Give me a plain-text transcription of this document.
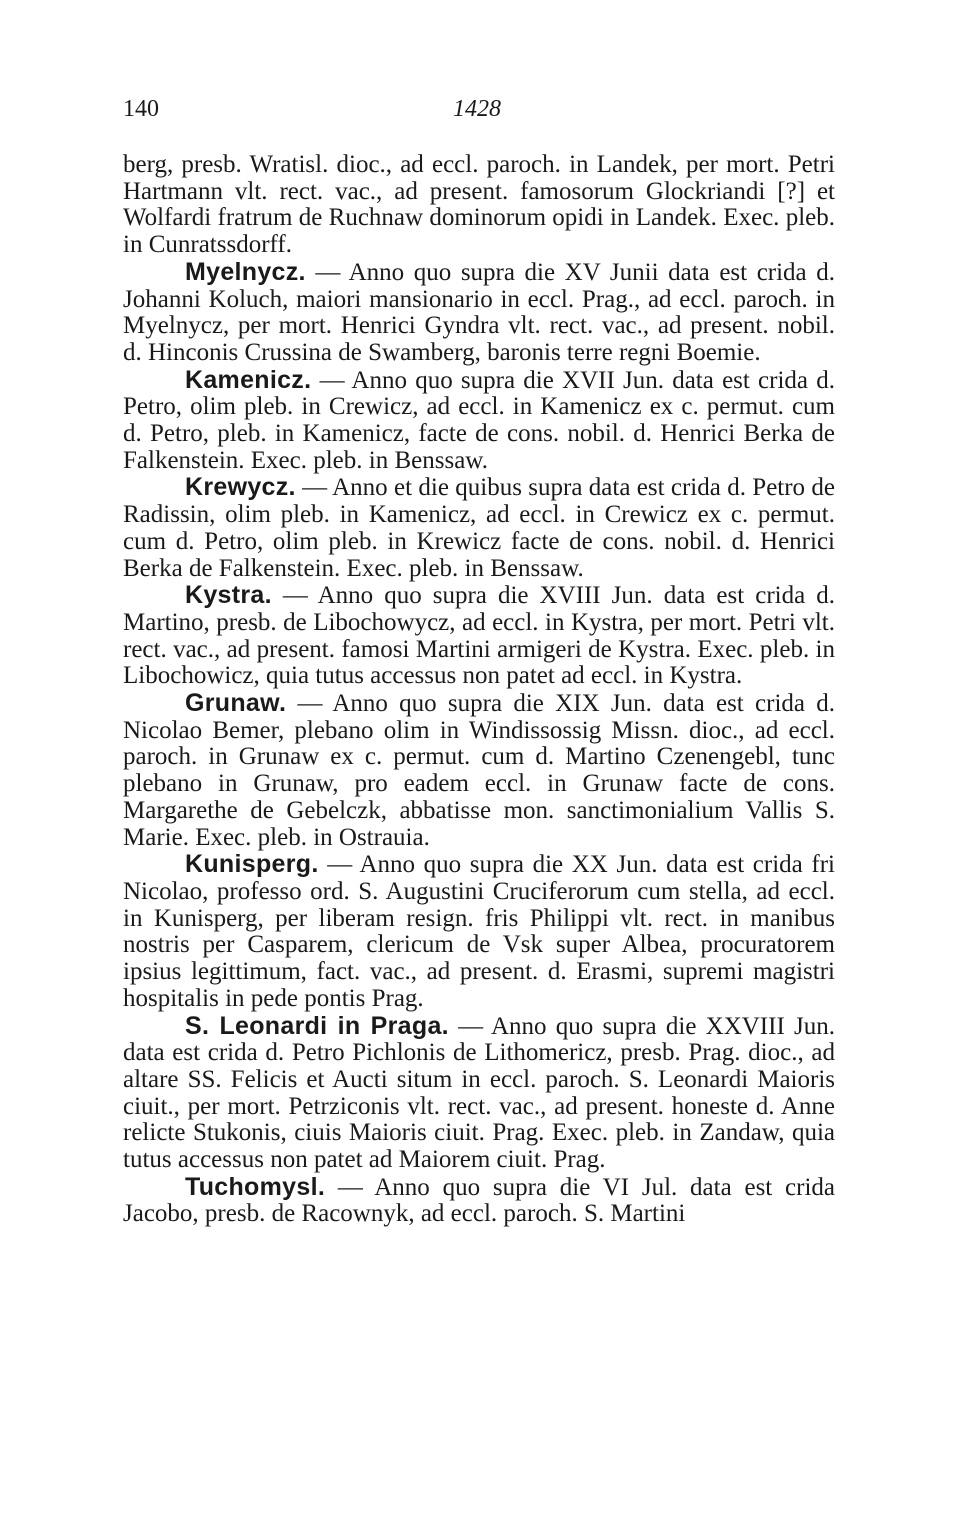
140	1428

berg, presb. Wratisl. dioc., ad eccl. paroch. in Landek, per mort. Petri Hartmann vlt. rect. vac., ad present. famosorum Glockriandi [?] et Wolfardi fratrum de Ruchnaw dominorum opidi in Landek. Exec. pleb. in Cunratssdorff.

Myelnycz. — Anno quo supra die XV Junii data est crida d. Johanni Koluch, maiori mansionario in eccl. Prag., ad eccl. paroch. in Myelnycz, per mort. Henrici Gyndra vlt. rect. vac., ad present. nobil. d. Hinconis Crussina de Swamberg, baronis terre regni Boemie.

Kamenicz. — Anno quo supra die XVII Jun. data est crida d. Petro, olim pleb. in Crewicz, ad eccl. in Kamenicz ex c. permut. cum d. Petro, pleb. in Kamenicz, facte de cons. nobil. d. Henrici Berka de Falkenstein. Exec. pleb. in Benssaw.

Krewycz. — Anno et die quibus supra data est crida d. Petro de Radissin, olim pleb. in Kamenicz, ad eccl. in Crewicz ex c. permut. cum d. Petro, olim pleb. in Krewicz facte de cons. nobil. d. Henrici Berka de Falkenstein. Exec. pleb. in Benssaw.

Kystra. — Anno quo supra die XVIII Jun. data est crida d. Martino, presb. de Libochowycz, ad eccl. in Kystra, per mort. Petri vlt. rect. vac., ad present. famosi Martini armigeri de Kystra. Exec. pleb. in Libochowicz, quia tutus accessus non patet ad eccl. in Kystra.

Grunaw. — Anno quo supra die XIX Jun. data est crida d. Nicolao Bemer, plebano olim in Windissossig Missn. dioc., ad eccl. paroch. in Grunaw ex c. permut. cum d. Martino Czenengebl, tunc plebano in Grunaw, pro eadem eccl. in Grunaw facte de cons. Margarethe de Gebelczk, abbatisse mon. sanctimonialium Vallis S. Marie. Exec. pleb. in Ostrauia.

Kunisperg. — Anno quo supra die XX Jun. data est crida fri Nicolao, professo ord. S. Augustini Cruciferorum cum stella, ad eccl. in Kunisperg, per liberam resign. fris Philippi vlt. rect. in manibus nostris per Casparem, clericum de Vsk super Albea, procuratorem ipsius legittimum, fact. vac., ad present. d. Erasmi, supremi magistri hospitalis in pede pontis Prag.

S. Leonardi in Praga. — Anno quo supra die XXVIII Jun. data est crida d. Petro Pichlonis de Lithomericz, presb. Prag. dioc., ad altare SS. Felicis et Aucti situm in eccl. paroch. S. Leonardi Maioris ciuit., per mort. Petrziconis vlt. rect. vac., ad present. honeste d. Anne relicte Stukonis, ciuis Maioris ciuit. Prag. Exec. pleb. in Zandaw, quia tutus accessus non patet ad Maiorem ciuit. Prag.

Tuchomysl. — Anno quo supra die VI Jul. data est crida Jacobo, presb. de Racownyk, ad eccl. paroch. S. Martini
